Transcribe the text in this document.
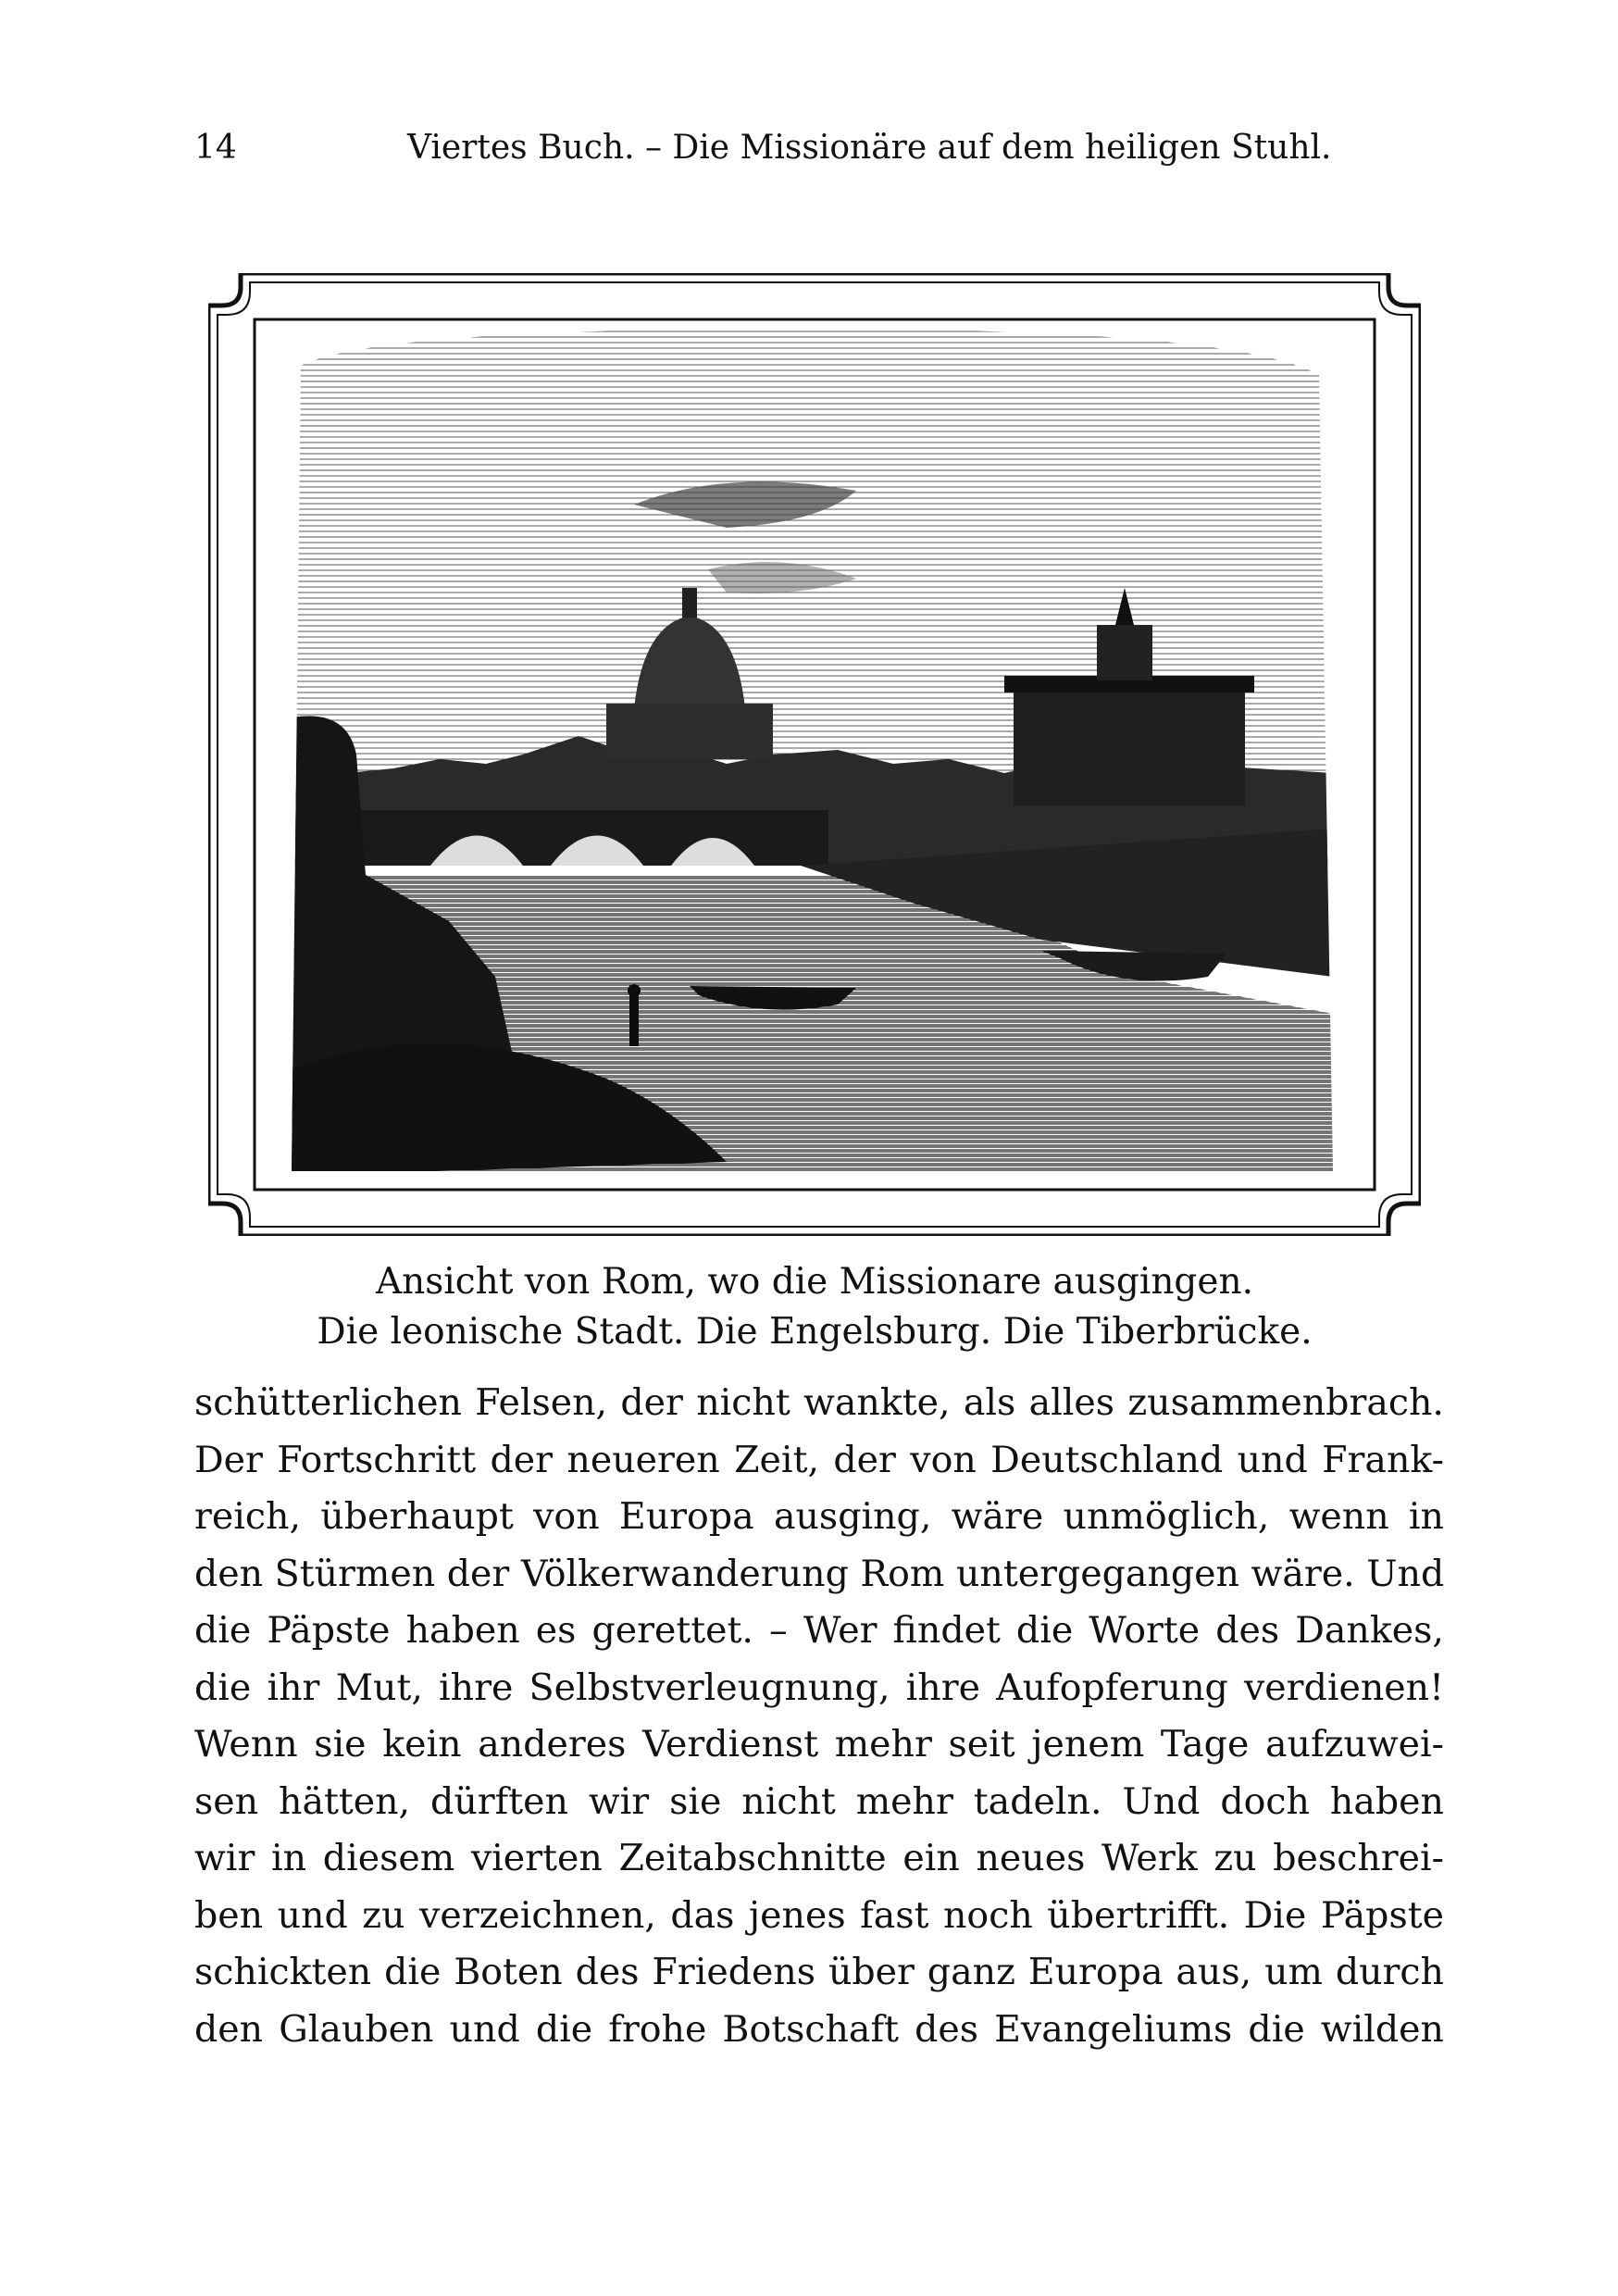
14	Viertes Buch. – Die Missionäre auf dem heiligen Stuhl.
Ansicht von Rom, wo die Missionare ausgingen.
Die leonische Stadt. Die Engelsburg. Die Tiberbrücke.
schütterlichen Felsen, der nicht wankte, als alles zusammenbrach.
Der Fortschritt der neueren Zeit, der von Deutschland und Frank-
reich, überhaupt von Europa ausging, wäre unmöglich, wenn in
den Stürmen der Völkerwanderung Rom untergegangen wäre. Und
die Päpste haben es gerettet. – Wer findet die Worte des Dankes,
die ihr Mut, ihre Selbstverleugnung, ihre Aufopferung verdienen!
Wenn sie kein anderes Verdienst mehr seit jenem Tage aufzuwei-
sen hätten, dürften wir sie nicht mehr tadeln. Und doch haben
wir in diesem vierten Zeitabschnitte ein neues Werk zu beschrei-
ben und zu verzeichnen, das jenes fast noch übertrifft. Die Päpste
schickten die Boten des Friedens über ganz Europa aus, um durch
den Glauben und die frohe Botschaft des Evangeliums die wilden
